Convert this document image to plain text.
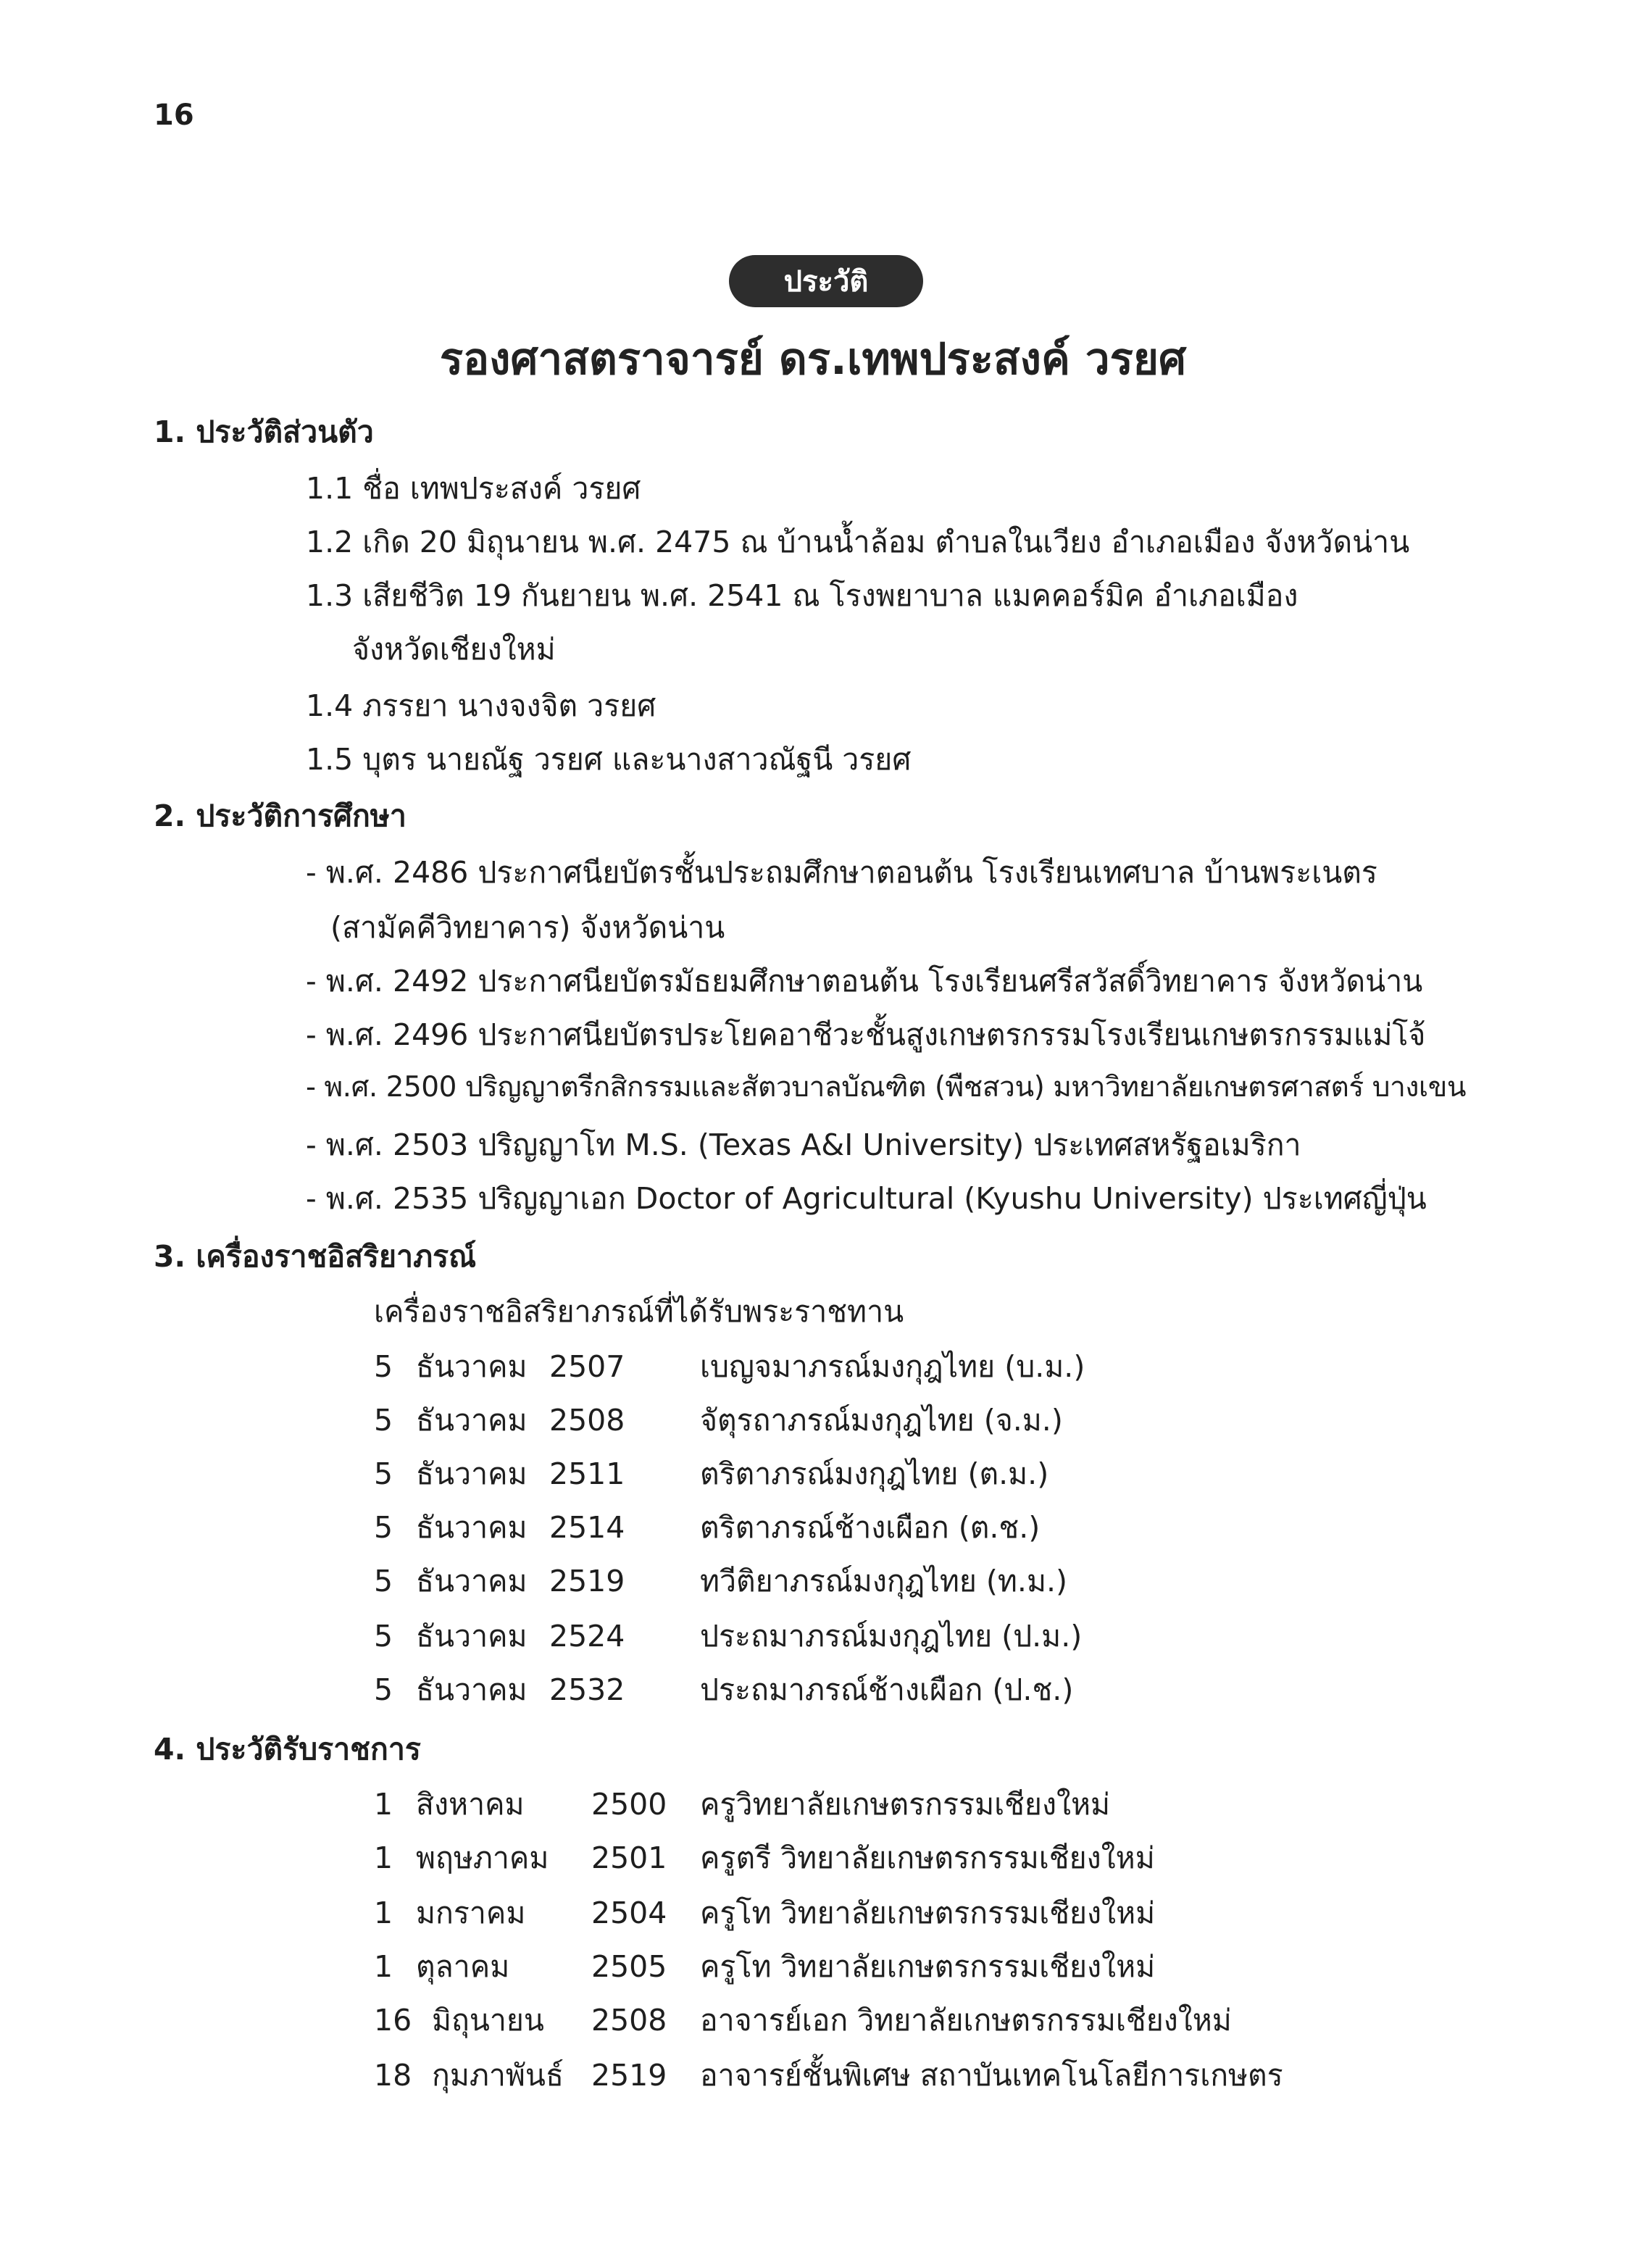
16
ประวัติ
รองศาสตราจารย์ ดร.เทพประสงค์ วรยศ
1. ประวัติส่วนตัว
1.1 ชื่อ เทพประสงค์ วรยศ
1.2 เกิด 20 มิถุนายน พ.ศ. 2475 ณ บ้านน้ำล้อม ตำบลในเวียง อำเภอเมือง จังหวัดน่าน
1.3 เสียชีวิต 19 กันยายน พ.ศ. 2541 ณ โรงพยาบาล แมคคอร์มิค อำเภอเมือง
จังหวัดเชียงใหม่
1.4 ภรรยา นางจงจิต วรยศ
1.5 บุตร นายณัฐ วรยศ และนางสาวณัฐนี วรยศ
2. ประวัติการศึกษา
- พ.ศ. 2486 ประกาศนียบัตรชั้นประถมศึกษาตอนต้น โรงเรียนเทศบาล บ้านพระเนตร
(สามัคคีวิทยาคาร) จังหวัดน่าน
- พ.ศ. 2492 ประกาศนียบัตรมัธยมศึกษาตอนต้น โรงเรียนศรีสวัสดิ์วิทยาคาร จังหวัดน่าน
- พ.ศ. 2496 ประกาศนียบัตรประโยคอาชีวะชั้นสูงเกษตรกรรมโรงเรียนเกษตรกรรมแม่โจ้
- พ.ศ. 2500 ปริญญาตรีกสิกรรมและสัตวบาลบัณฑิต (พืชสวน) มหาวิทยาลัยเกษตรศาสตร์ บางเขน
- พ.ศ. 2503 ปริญญาโท M.S. (Texas A&I University) ประเทศสหรัฐอเมริกา
- พ.ศ. 2535 ปริญญาเอก Doctor of Agricultural (Kyushu University) ประเทศญี่ปุ่น
3. เครื่องราชอิสริยาภรณ์
เครื่องราชอิสริยาภรณ์ที่ได้รับพระราชทาน
5 ธันวาคม 2507	เบญจมาภรณ์มงกุฎไทย (บ.ม.)
5 ธันวาคม 2508	จัตุรถาภรณ์มงกุฎไทย (จ.ม.)
5 ธันวาคม 2511	ตริตาภรณ์มงกุฎไทย (ต.ม.)
5 ธันวาคม 2514	ตริตาภรณ์ช้างเผือก (ต.ช.)
5 ธันวาคม 2519	ทวีติยาภรณ์มงกุฎไทย (ท.ม.)
5 ธันวาคม 2524	ประถมาภรณ์มงกุฎไทย (ป.ม.)
5 ธันวาคม 2532	ประถมาภรณ์ช้างเผือก (ป.ช.)
4. ประวัติรับราชการ
1 สิงหาคม 2500 ครูวิทยาลัยเกษตรกรรมเชียงใหม่
1 พฤษภาคม 2501 ครูตรี วิทยาลัยเกษตรกรรมเชียงใหม่
1 มกราคม 2504 ครูโท วิทยาลัยเกษตรกรรมเชียงใหม่
1 ตุลาคม	2505 ครูโท วิทยาลัยเกษตรกรรมเชียงใหม่
16 มิถุนายน 2508 อาจารย์เอก วิทยาลัยเกษตรกรรมเชียงใหม่
18 กุมภาพันธ์ 2519 อาจารย์ชั้นพิเศษ สถาบันเทคโนโลยีการเกษตร
